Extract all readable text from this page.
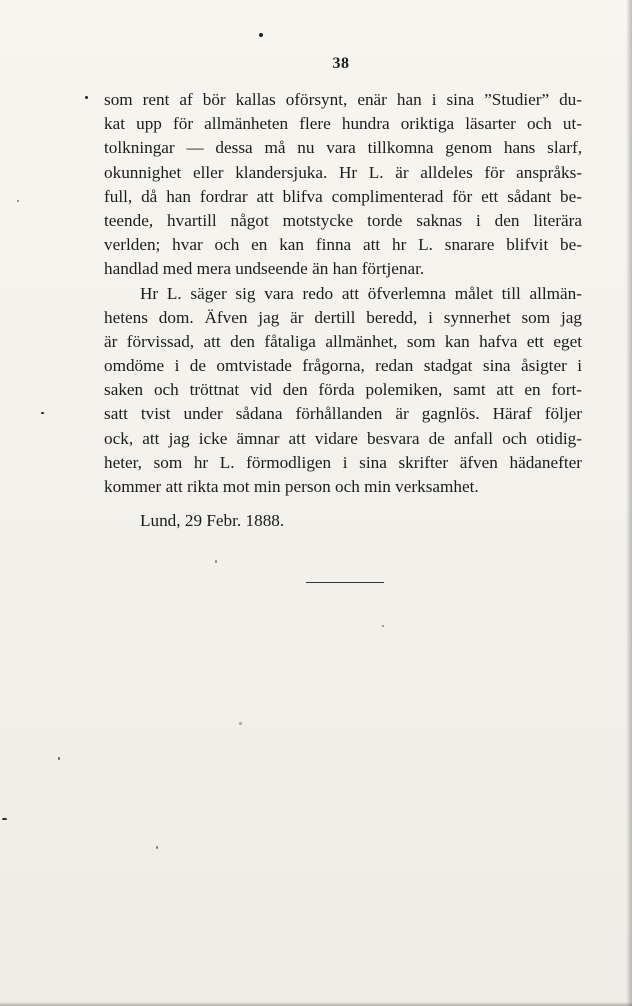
38
som rent af bör kallas oförsynt, enär han i sina ”Studier” du-
kat upp för allmänheten flere hundra oriktiga läsarter och ut-
tolkningar — dessa må nu vara tillkomna genom hans slarf,
okunnighet eller klandersjuka. Hr L. är alldeles för anspråks-
full, då han fordrar att blifva complimenterad för ett sådant be-
teende, hvartill något motstycke torde saknas i den literära
verlden; hvar och en kan finna att hr L. snarare blifvit be-
handlad med mera undseende än han förtjenar.
Hr L. säger sig vara redo att öfverlemna målet till allmän-
hetens dom. Äfven jag är dertill beredd, i synnerhet som jag
är förvissad, att den fåtaliga allmänhet, som kan hafva ett eget
omdöme i de omtvistade frågorna, redan stadgat sina åsigter i
saken och tröttnat vid den förda polemiken, samt att en fort-
satt tvist under sådana förhållanden är gagnlös. Häraf följer
ock, att jag icke ämnar att vidare besvara de anfall och otidig-
heter, som hr L. förmodligen i sina skrifter äfven hädanefter
kommer att rikta mot min person och min verksamhet.
Lund, 29 Febr. 1888.
